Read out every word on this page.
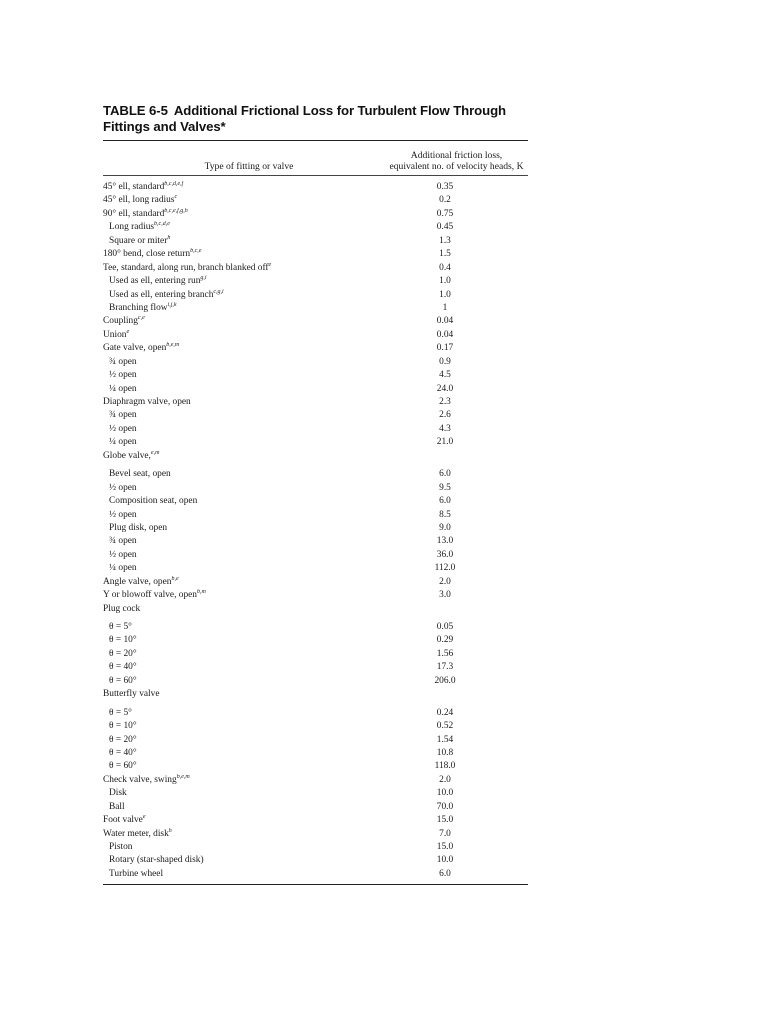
TABLE 6-5 Additional Frictional Loss for Turbulent Flow Through
Fittings and Valves*
Type of fitting or valve
Additional friction loss,
equivalent no. of velocity heads, K
45° ell, standard$^{b,c,d,e,f}$	0.35
45° ell, long radius$^c$	0.2
90° ell, standard$^{b,c,e,f,g,h}$	0.75
Long radius$^{b,c,d,e}$	0.45
Square or miter$^h$	1.3
180° bend, close return$^{b,c,e}$	1.5
Tee, standard, along run, branch blanked off$^e$	0.4
Used as ell, entering run$^{g,i}$	1.0
Used as ell, entering branch$^{c,g,i}$	1.0
Branching flow$^{i,j,k}$	1
Coupling$^{c,e}$	0.04
Union$^e$	0.04
Gate valve, open$^{b,e,m}$	0.17
¾ open	0.9
½ open	4.5
¼ open	24.0
Diaphragm valve, open	2.3
¾ open	2.6
½ open	4.3
¼ open	21.0
Globe valve,$^{e,m}$
Bevel seat, open	6.0
½ open	9.5
Composition seat, open	6.0
½ open	8.5
Plug disk, open	9.0
¾ open	13.0
½ open	36.0
¼ open	112.0
Angle valve, open$^{b,e}$	2.0
Y or blowoff valve, open$^{b,m}$	3.0
Plug cock
θ = 5°	0.05
θ = 10°	0.29
θ = 20°	1.56
θ = 40°	17.3
θ = 60°	206.0
Butterfly valve
θ = 5°	0.24
θ = 10°	0.52
θ = 20°	1.54
θ = 40°	10.8
θ = 60°	118.0
Check valve, swing$^{b,e,m}$	2.0
Disk	10.0
Ball	70.0
Foot valve$^e$	15.0
Water meter, disk$^h$	7.0
Piston	15.0
Rotary (star-shaped disk)	10.0
Turbine wheel	6.0
